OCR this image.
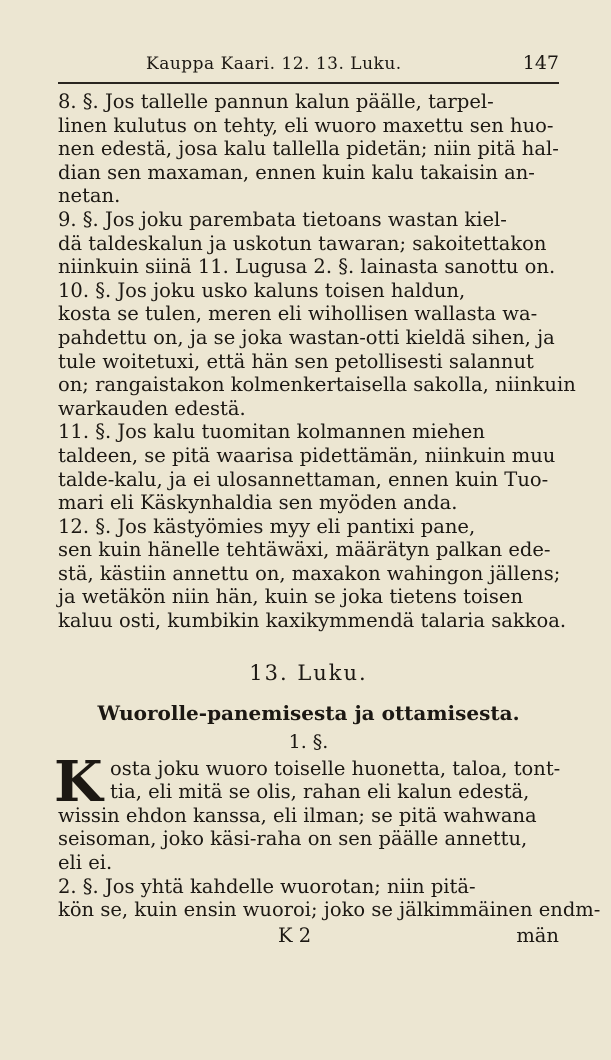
Kauppa Kaari. 12. 13. Luku.	147
8. §. Jos tallelle pannun kalun päälle, tarpel-
linen kulutus on tehty, eli wuoro maxettu sen huo-
nen edestä, josa kalu tallella pidetän; niin pitä hal-
dian sen maxaman, ennen kuin kalu takaisin an-
netan.
9. §. Jos joku parembata tietoans wastan kiel-
dä taldeskalun ja uskotun tawaran; sakoitettakon
niinkuin siinä 11. Lugusa 2. §. lainasta sanottu on.
10. §. Jos joku usko kaluns toisen haldun,
kosta se tulen, meren eli wihollisen wallasta wa-
pahdettu on, ja se joka wastan-otti kieldä sihen, ja
tule woitetuxi, että hän sen petollisesti salannut
on; rangaistakon kolmenkertaisella sakolla, niinkuin
warkauden edestä.
11. §. Jos kalu tuomitan kolmannen miehen
taldeen, se pitä waarisa pidettämän, niinkuin muu
talde-kalu, ja ei ulosannettaman, ennen kuin Tuo-
mari eli Käskynhaldia sen myöden anda.
12. §. Jos kästyömies myy eli pantixi pane,
sen kuin hänelle tehtäwäxi, määrätyn palkan ede-
stä, kästiin annettu on, maxakon wahingon jällens;
ja wetäkön niin hän, kuin se joka tietens toisen
kaluu osti, kumbikin kaxikymmendä talaria sakkoa.
13. Luku.
Wuorolle-panemisesta ja ottamisesta.
1. §.
K osta joku wuoro toiselle huonetta, taloa, tont-
tia, eli mitä se olis, rahan eli kalun edestä,
wissin ehdon kanssa, eli ilman; se pitä wahwana
seisoman, joko käsi-raha on sen päälle annettu,
eli ei.
2. §. Jos yhtä kahdelle wuorotan; niin pitä-
kön se, kuin ensin wuoroi; joko se jälkimmäinen endm-
K 2	män
